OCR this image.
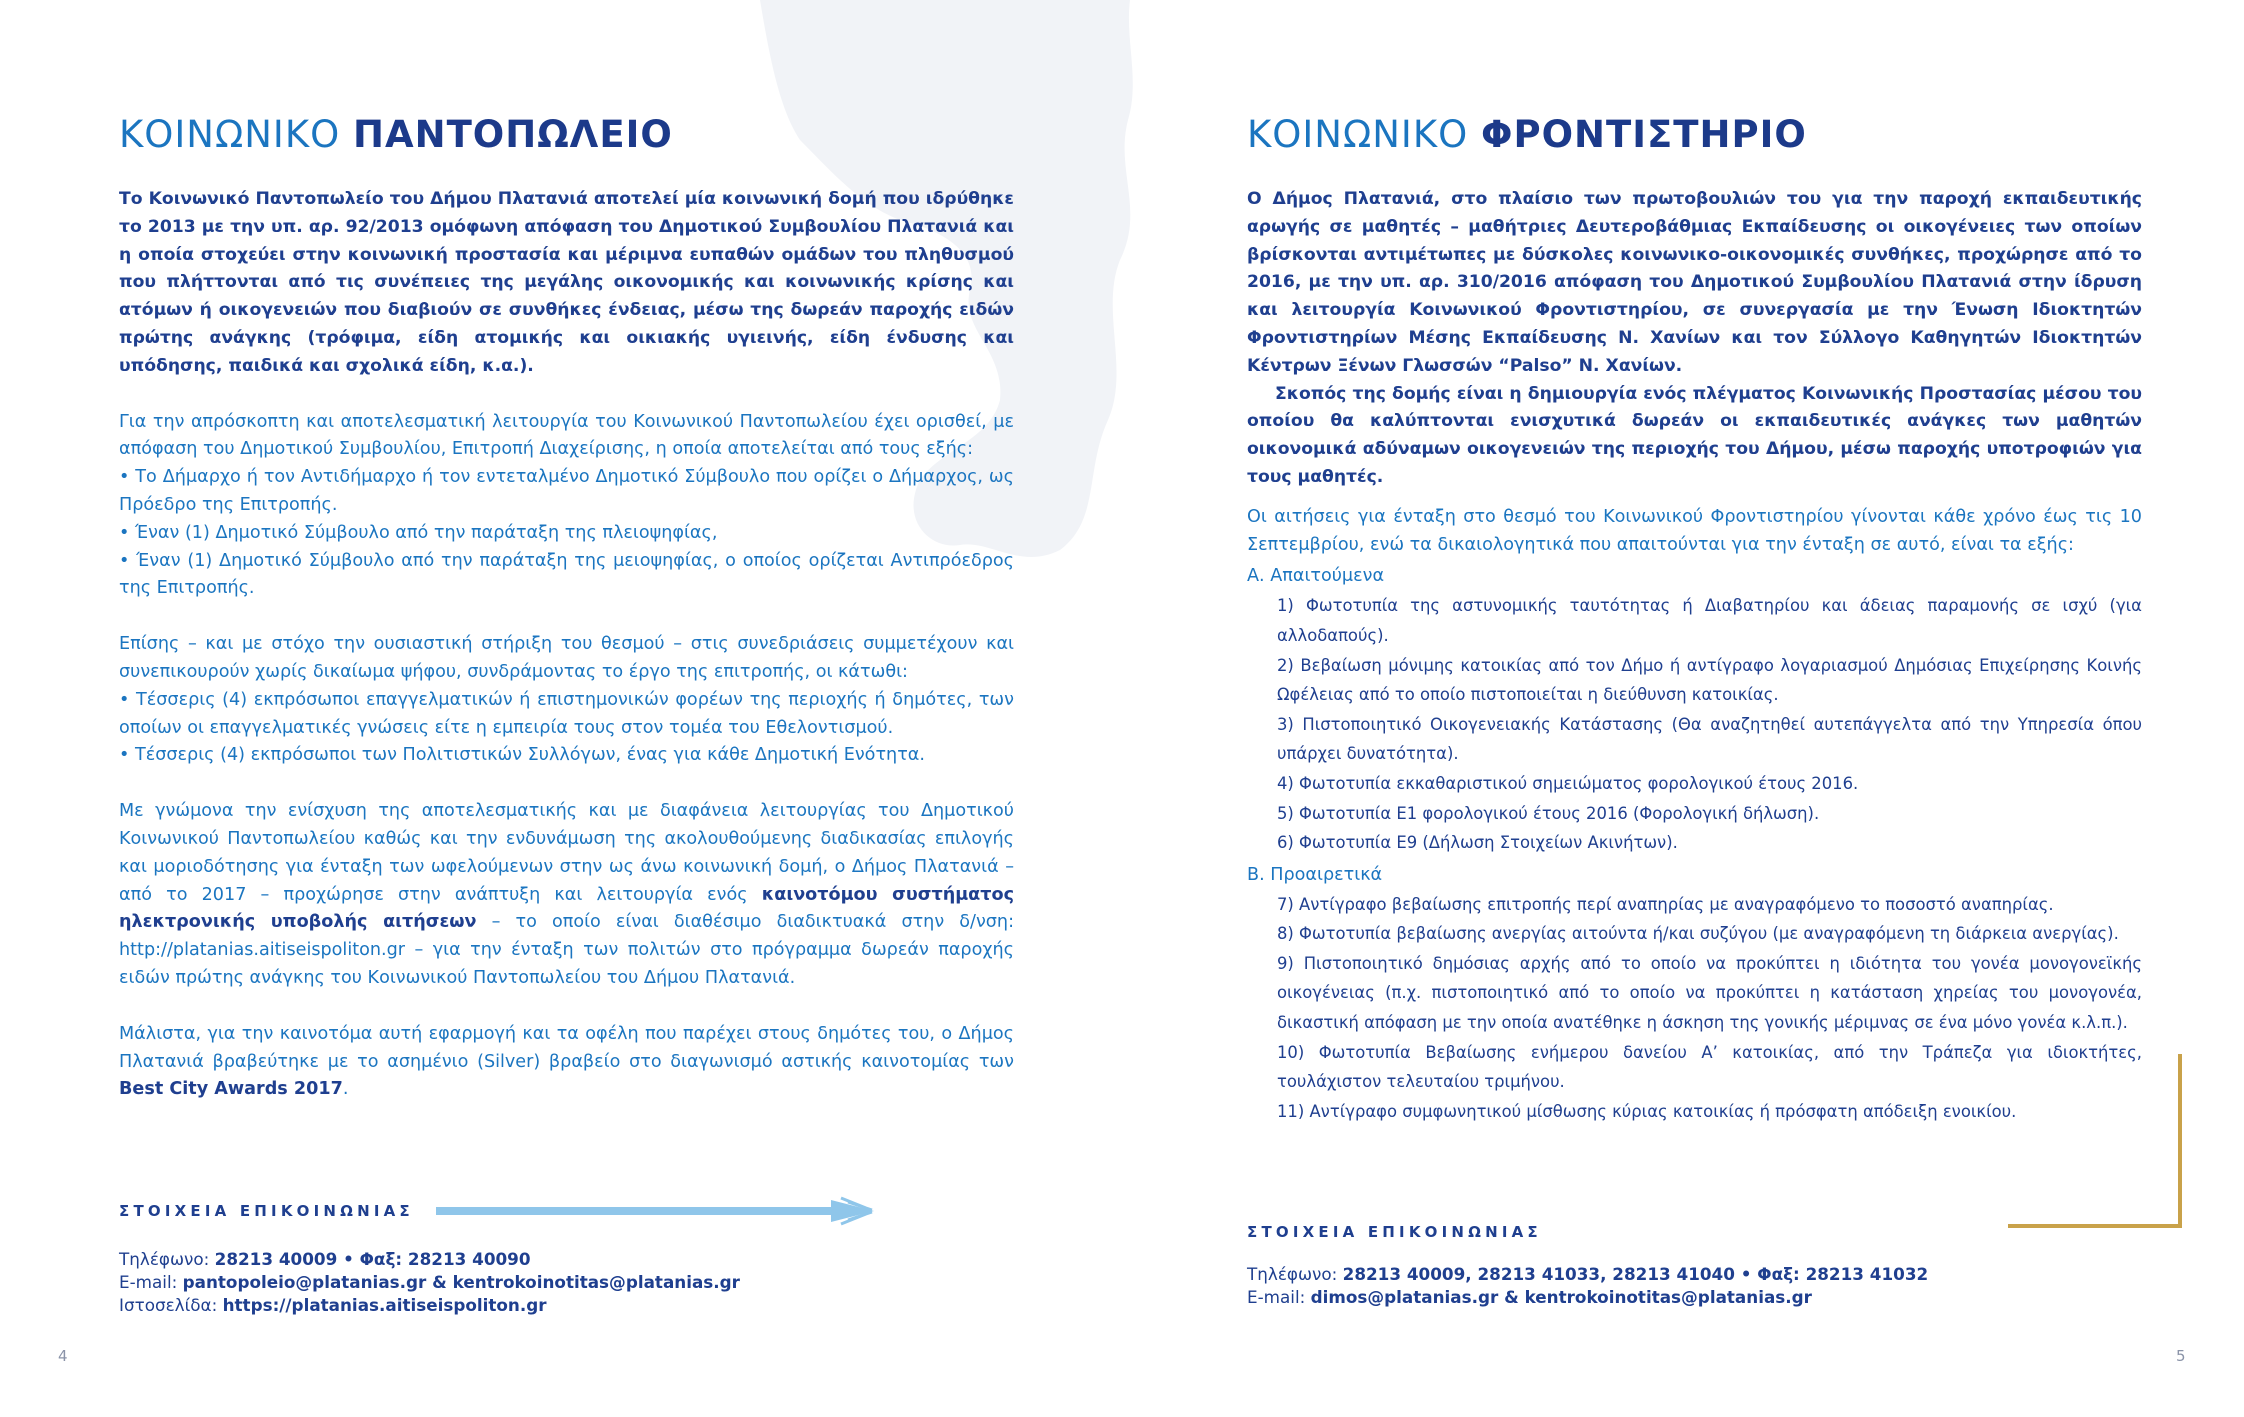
ΚΟΙΝΩΝΙΚΟ ΠΑΝΤΟΠΩΛΕΙΟ

Το Κοινωνικό Παντοπωλείο του Δήμου Πλατανιά αποτελεί μία κοινωνική δομή που ιδρύθηκε το 2013 με την υπ. αρ. 92/2013 ομόφωνη απόφαση του Δημοτικού Συμβουλίου Πλατανιά και η οποία στοχεύει στην κοινωνική προστασία και μέριμνα ευπαθών ομάδων του πληθυσμού που πλήττονται από τις συνέπειες της μεγάλης οικονομικής και κοινωνικής κρίσης και ατόμων ή οικογενειών που διαβιούν σε συνθήκες ένδειας, μέσω της δωρεάν παροχής ειδών πρώτης ανάγκης (τρόφιμα, είδη ατομικής και οικιακής υγιεινής, είδη ένδυσης και υπόδησης, παιδικά και σχολικά είδη, κ.α.).

Για την απρόσκοπτη και αποτελεσματική λειτουργία του Κοινωνικού Παντοπωλείου έχει ορισθεί, με απόφαση του Δημοτικού Συμβουλίου, Επιτροπή Διαχείρισης, η οποία αποτελείται από τους εξής:

• Το Δήμαρχο ή τον Αντιδήμαρχο ή τον εντεταλμένο Δημοτικό Σύμβουλο που ορίζει ο Δήμαρχος, ως Πρόεδρο της Επιτροπής.

• Έναν (1) Δημοτικό Σύμβουλο από την παράταξη της πλειοψηφίας,

• Έναν (1) Δημοτικό Σύμβουλο από την παράταξη της μειοψηφίας, ο οποίος ορίζεται Αντιπρόεδρος της Επιτροπής.

Επίσης – και με στόχο την ουσιαστική στήριξη του θεσμού – στις συνεδριάσεις συμμετέχουν και συνεπικουρούν χωρίς δικαίωμα ψήφου, συνδράμοντας το έργο της επιτροπής, οι κάτωθι:

• Τέσσερις (4) εκπρόσωποι επαγγελματικών ή επιστημονικών φορέων της περιοχής ή δημότες, των οποίων οι επαγγελματικές γνώσεις είτε η εμπειρία τους στον τομέα του Εθελοντισμού.

• Τέσσερις (4) εκπρόσωποι των Πολιτιστικών Συλλόγων, ένας για κάθε Δημοτική Ενότητα.

Με γνώμονα την ενίσχυση της αποτελεσματικής και με διαφάνεια λειτουργίας του Δημοτικού Κοινωνικού Παντοπωλείου καθώς και την ενδυνάμωση της ακολουθούμενης διαδικασίας επιλογής και μοριοδότησης για ένταξη των ωφελούμενων στην ως άνω κοινωνική δομή, ο Δήμος Πλατανιά – από το 2017 – προχώρησε στην ανάπτυξη και λειτουργία ενός καινοτόμου συστήματος ηλεκτρονικής υποβολής αιτήσεων – το οποίο είναι διαθέσιμο διαδικτυακά στην δ/νση: http://platanias.aitiseispoliton.gr – για την ένταξη των πολιτών στο πρόγραμμα δωρεάν παροχής ειδών πρώτης ανάγκης του Κοινωνικού Παντοπωλείου του Δήμου Πλατανιά.

Μάλιστα, για την καινοτόμα αυτή εφαρμογή και τα οφέλη που παρέχει στους δημότες του, ο Δήμος Πλατανιά βραβεύτηκε με το ασημένιο (Silver) βραβείο στο διαγωνισμό αστικής καινοτομίας των Best City Awards 2017.

ΣΤΟΙΧΕΙΑ ΕΠΙΚΟΙΝΩΝΙΑΣ
Τηλέφωνο: 28213 40009 • Φαξ: 28213 40090
E-mail: pantopoleio@platanias.gr & kentrokoinotitas@platanias.gr
Ιστοσελίδα: https://platanias.aitiseispoliton.gr
4
ΚΟΙΝΩΝΙΚΟ ΦΡΟΝΤΙΣΤΗΡΙΟ

Ο Δήμος Πλατανιά, στο πλαίσιο των πρωτοβουλιών του για την παροχή εκπαιδευτικής αρωγής σε μαθητές – μαθήτριες Δευτεροβάθμιας Εκπαίδευσης οι οικογένειες των οποίων βρίσκονται αντιμέτωπες με δύσκολες κοινωνικο-οικονομικές συνθήκες, προχώρησε από το 2016, με την υπ. αρ. 310/2016 απόφαση του Δημοτικού Συμβουλίου Πλατανιά στην ίδρυση και λειτουργία Κοινωνικού Φροντιστηρίου, σε συνεργασία με την Ένωση Ιδιοκτητών Φροντιστηρίων Μέσης Εκπαίδευσης Ν. Χανίων και τον Σύλλογο Καθηγητών Ιδιοκτητών Κέντρων Ξένων Γλωσσών “Palso” Ν. Χανίων.

Σκοπός της δομής είναι η δημιουργία ενός πλέγματος Κοινωνικής Προστασίας μέσου του οποίου θα καλύπτονται ενισχυτικά δωρεάν οι εκπαιδευτικές ανάγκες των μαθητών οικονομικά αδύναμων οικογενειών της περιοχής του Δήμου, μέσω παροχής υποτροφιών για τους μαθητές.

Οι αιτήσεις για ένταξη στο θεσμό του Κοινωνικού Φροντιστηρίου γίνονται κάθε χρόνο έως τις 10 Σεπτεμβρίου, ενώ τα δικαιολογητικά που απαιτούνται για την ένταξη σε αυτό, είναι τα εξής:

Α. Απαιτούμενα

1) Φωτοτυπία της αστυνομικής ταυτότητας ή Διαβατηρίου και άδειας παραμονής σε ισχύ (για αλλοδαπούς).

2) Βεβαίωση μόνιμης κατοικίας από τον Δήμο ή αντίγραφο λογαριασμού Δημόσιας Επιχείρησης Κοινής Ωφέλειας από το οποίο πιστοποιείται η διεύθυνση κατοικίας.

3) Πιστοποιητικό Οικογενειακής Κατάστασης (Θα αναζητηθεί αυτεπάγγελτα από την Υπηρεσία όπου υπάρχει δυνατότητα).

4) Φωτοτυπία εκκαθαριστικού σημειώματος φορολογικού έτους 2016.

5) Φωτοτυπία Ε1 φορολογικού έτους 2016 (Φορολογική δήλωση).

6) Φωτοτυπία Ε9 (Δήλωση Στοιχείων Ακινήτων).

Β. Προαιρετικά

7) Αντίγραφο βεβαίωσης επιτροπής περί αναπηρίας με αναγραφόμενο το ποσοστό αναπηρίας.

8) Φωτοτυπία βεβαίωσης ανεργίας αιτούντα ή/και συζύγου (με αναγραφόμενη τη διάρκεια ανεργίας).

9) Πιστοποιητικό δημόσιας αρχής από το οποίο να προκύπτει η ιδιότητα του γονέα μονογονεϊκής οικογένειας (π.χ. πιστοποιητικό από το οποίο να προκύπτει η κατάσταση χηρείας του μονογονέα, δικαστική απόφαση με την οποία ανατέθηκε η άσκηση της γονικής μέριμνας σε ένα μόνο γονέα κ.λ.π.).

10) Φωτοτυπία Βεβαίωσης ενήμερου δανείου Α’ κατοικίας, από την Τράπεζα για ιδιοκτήτες, τουλάχιστον τελευταίου τριμήνου.

11) Αντίγραφο συμφωνητικού μίσθωσης κύριας κατοικίας ή πρόσφατη απόδειξη ενοικίου.

ΣΤΟΙΧΕΙΑ ΕΠΙΚΟΙΝΩΝΙΑΣ
Τηλέφωνο: 28213 40009, 28213 41033, 28213 41040 • Φαξ: 28213 41032
E-mail: dimos@platanias.gr & kentrokoinotitas@platanias.gr
5
